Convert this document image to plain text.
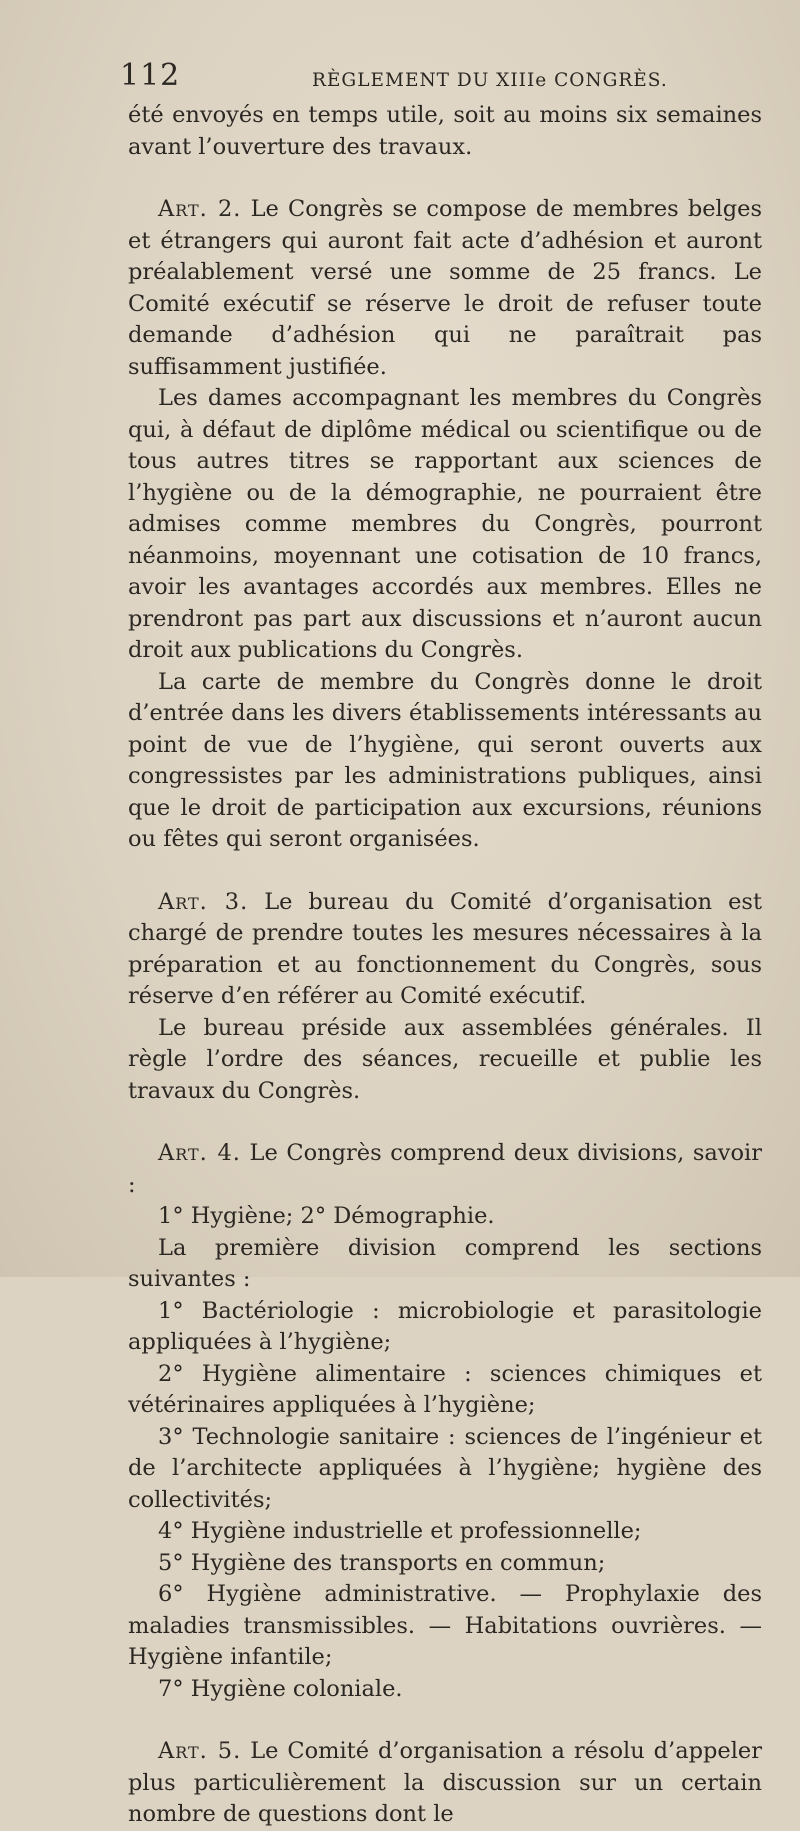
112	RÈGLEMENT DU XIIIe CONGRÈS.

été envoyés en temps utile, soit au moins six semaines avant l’ouverture des travaux.

Art. 2. Le Congrès se compose de membres belges et étrangers qui auront fait acte d’adhésion et auront préalablement versé une somme de 25 francs. Le Comité exécutif se réserve le droit de refuser toute demande d’adhésion qui ne paraîtrait pas suffisamment justifiée.

Les dames accompagnant les membres du Congrès qui, à défaut de diplôme médical ou scientifique ou de tous autres titres se rapportant aux sciences de l’hygiène ou de la démographie, ne pourraient être admises comme membres du Congrès, pourront néanmoins, moyennant une cotisation de 10 francs, avoir les avantages accordés aux membres. Elles ne prendront pas part aux discussions et n’auront aucun droit aux publications du Congrès.

La carte de membre du Congrès donne le droit d’entrée dans les divers établissements intéressants au point de vue de l’hygiène, qui seront ouverts aux congressistes par les administrations publiques, ainsi que le droit de participation aux excursions, réunions ou fêtes qui seront organisées.

Art. 3. Le bureau du Comité d’organisation est chargé de prendre toutes les mesures nécessaires à la préparation et au fonctionnement du Congrès, sous réserve d’en référer au Comité exécutif.

Le bureau préside aux assemblées générales. Il règle l’ordre des séances, recueille et publie les travaux du Congrès.

Art. 4. Le Congrès comprend deux divisions, savoir :

1° Hygiène; 2° Démographie.

La première division comprend les sections suivantes :

1° Bactériologie : microbiologie et parasitologie appliquées à l’hygiène;

2° Hygiène alimentaire : sciences chimiques et vétérinaires appliquées à l’hygiène;

3° Technologie sanitaire : sciences de l’ingénieur et de l’architecte appliquées à l’hygiène; hygiène des collectivités;

4° Hygiène industrielle et professionnelle;

5° Hygiène des transports en commun;

6° Hygiène administrative. — Prophylaxie des maladies transmissibles. — Habitations ouvrières. — Hygiène infantile;

7° Hygiène coloniale.

Art. 5. Le Comité d’organisation a résolu d’appeler plus particulièrement la discussion sur un certain nombre de questions dont le
